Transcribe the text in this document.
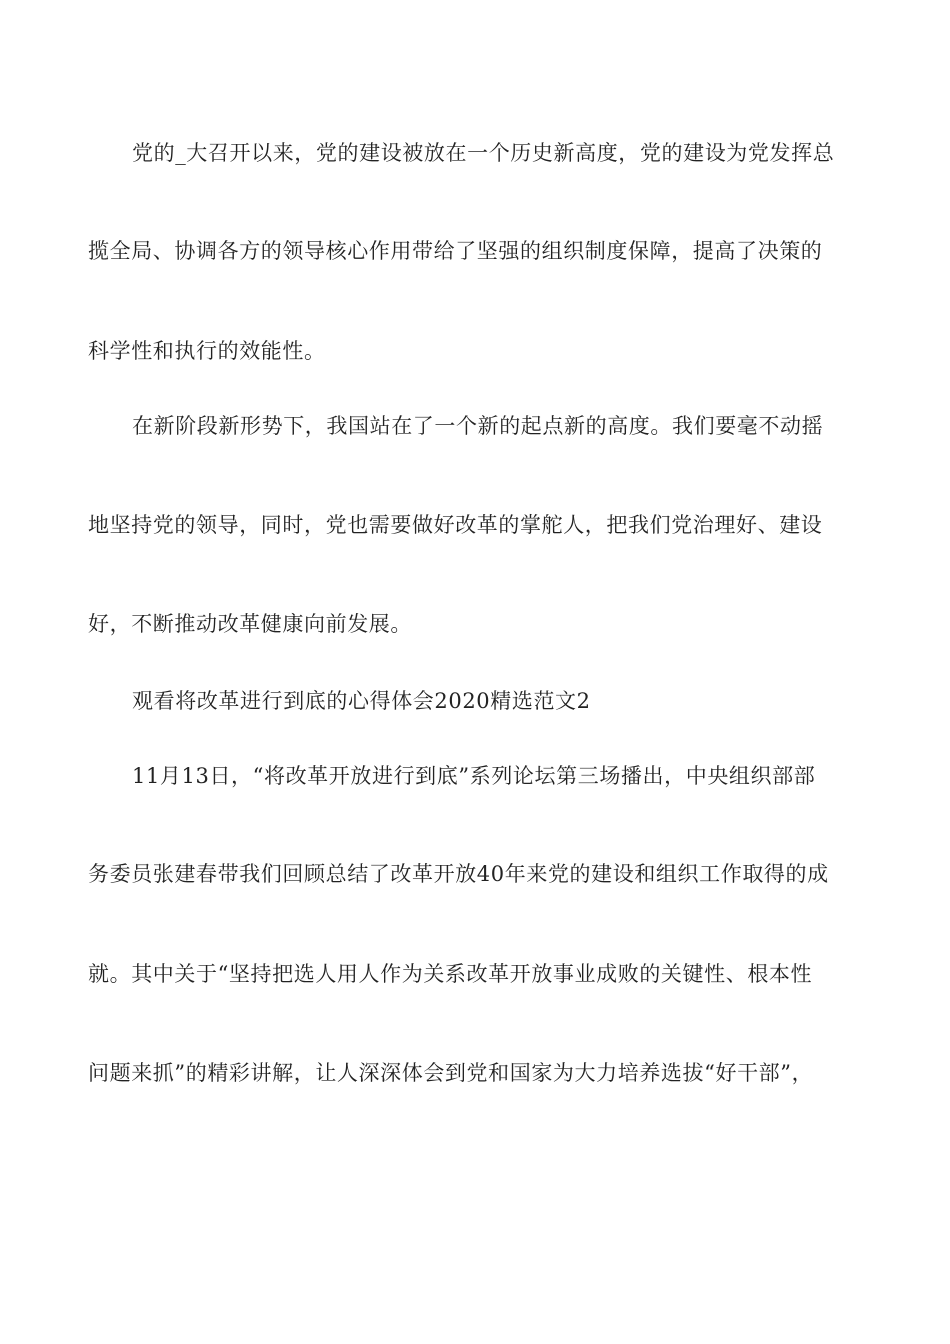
党的_大召开以来，党的建设被放在一个历史新高度，党的建设为党发挥总
揽全局、协调各方的领导核心作用带给了坚强的组织制度保障，提高了决策的
科学性和执行的效能性。
在新阶段新形势下，我国站在了一个新的起点新的高度。我们要毫不动摇
地坚持党的领导，同时，党也需要做好改革的掌舵人，把我们党治理好、建设
好，不断推动改革健康向前发展。
观看将改革进行到底的心得体会2020精选范文2
11月13日，“将改革开放进行到底”系列论坛第三场播出，中央组织部部
务委员张建春带我们回顾总结了改革开放40年来党的建设和组织工作取得的成
就。其中关于“坚持把选人用人作为关系改革开放事业成败的关键性、根本性
问题来抓”的精彩讲解，让人深深体会到党和国家为大力培养选拔“好干部”，
